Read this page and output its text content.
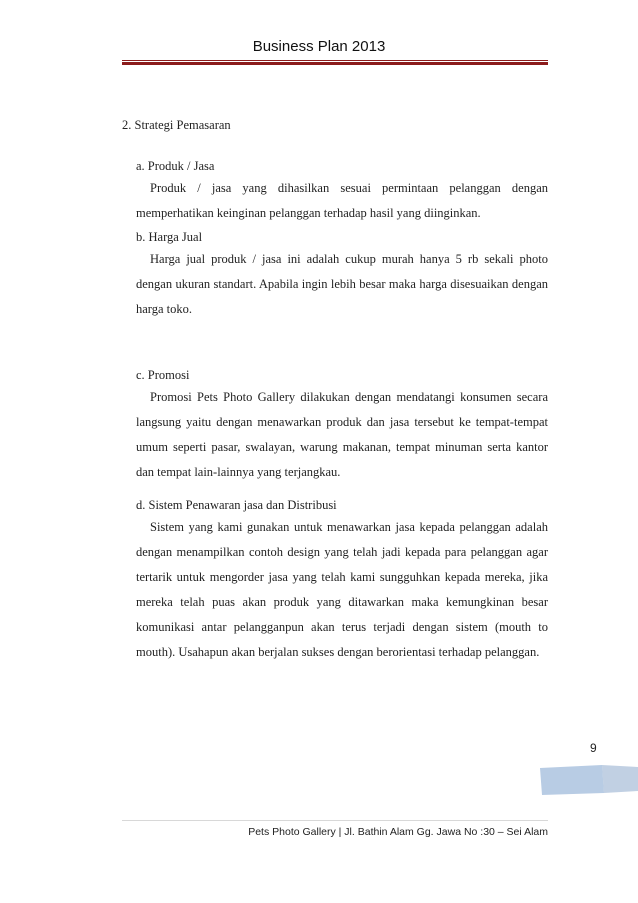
Business Plan 2013
2. Strategi Pemasaran
a. Produk / Jasa

Produk / jasa yang dihasilkan sesuai permintaan pelanggan dengan memperhatikan keinginan pelanggan terhadap hasil yang diinginkan.

b. Harga Jual

Harga jual produk / jasa ini adalah cukup murah hanya 5 rb sekali photo dengan ukuran standart. Apabila ingin lebih besar maka harga disesuaikan dengan harga toko.

c. Promosi

Promosi Pets Photo Gallery dilakukan dengan mendatangi konsumen secara langsung yaitu dengan menawarkan produk dan jasa tersebut ke tempat-tempat umum seperti pasar, swalayan, warung makanan, tempat minuman serta kantor dan tempat lain-lainnya yang terjangkau.

d. Sistem Penawaran jasa dan Distribusi

Sistem yang kami gunakan untuk menawarkan jasa kepada pelanggan adalah dengan menampilkan contoh design yang telah jadi kepada para pelanggan agar tertarik untuk mengorder jasa yang telah kami sungguhkan kepada mereka, jika mereka telah puas akan produk yang ditawarkan maka kemungkinan besar komunikasi antar pelangganpun akan terus terjadi dengan sistem (mouth to mouth). Usahapun akan berjalan sukses dengan berorientasi terhadap pelanggan.

9
Pets Photo Gallery | Jl. Bathin Alam Gg. Jawa No :30 – Sei Alam
